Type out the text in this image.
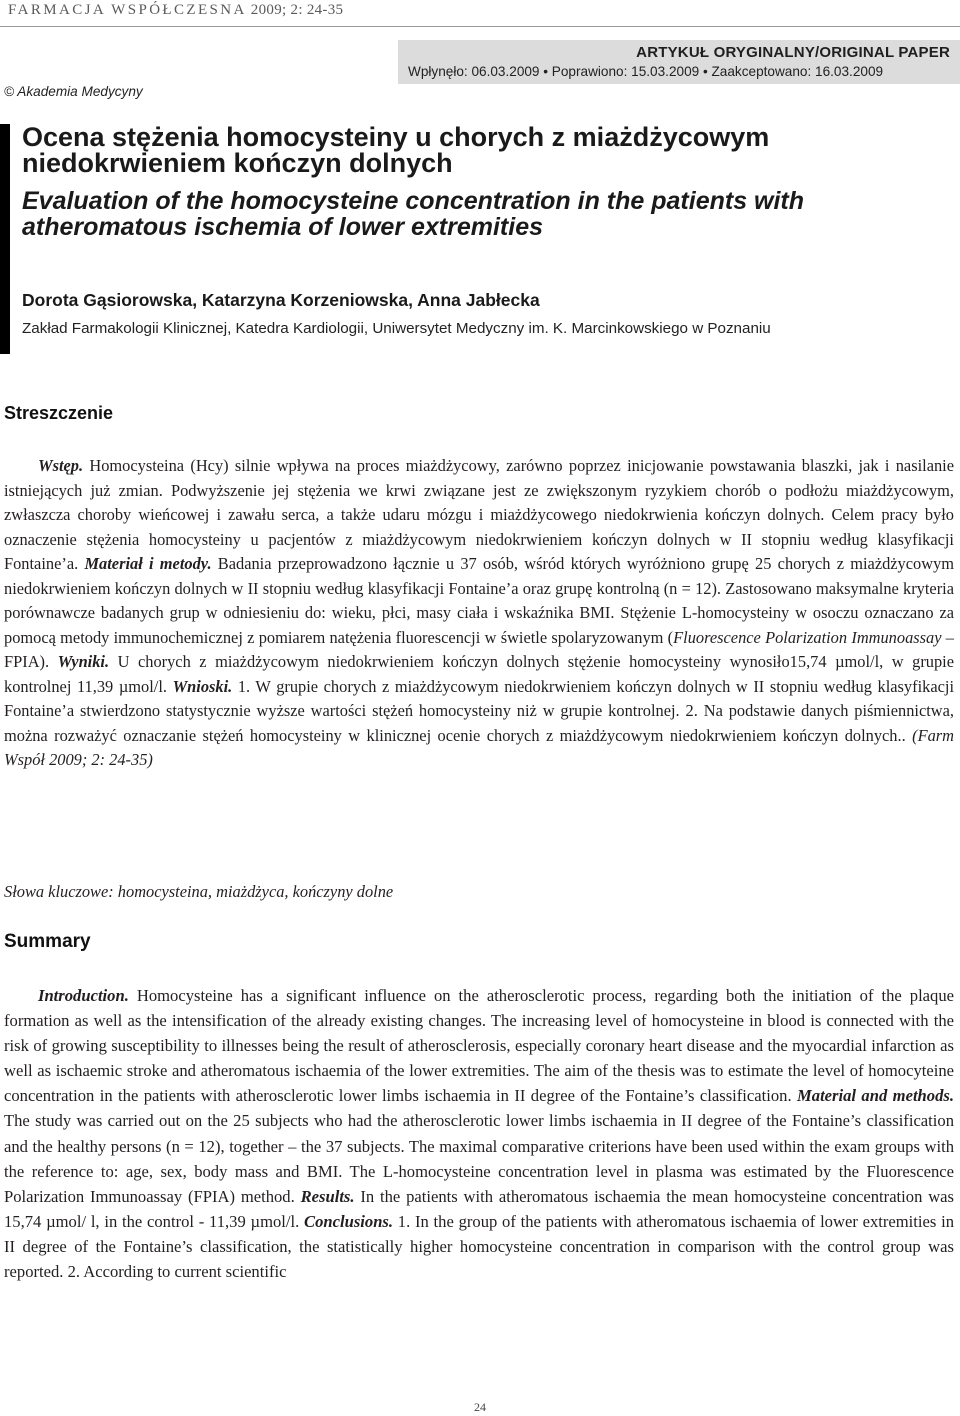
FARMACJA WSPÓŁCZESNA 2009; 2: 24-35
ARTYKUŁ ORYGINALNY/ORIGINAL PAPER
Wpłynęło: 06.03.2009 • Poprawiono: 15.03.2009 • Zaakceptowano: 16.03.2009
© Akademia Medycyny
Ocena stężenia homocysteiny u chorych z miażdżycowym niedokrwieniem kończyn dolnych
Evaluation of the homocysteine concentration in the patients with atheromatous ischemia of lower extremities
Dorota Gąsiorowska, Katarzyna Korzeniowska, Anna Jabłecka
Zakład Farmakologii Klinicznej, Katedra Kardiologii, Uniwersytet Medyczny im. K. Marcinkowskiego w Poznaniu
Streszczenie
Wstęp. Homocysteina (Hcy) silnie wpływa na proces miażdżycowy, zarówno poprzez inicjowanie powstawania blaszki, jak i nasilanie istniejących już zmian. Podwyższenie jej stężenia we krwi związane jest ze zwiększonym ryzykiem chorób o podłożu miażdżycowym, zwłaszcza choroby wieńcowej i zawału serca, a także udaru mózgu i miażdżycowego niedokrwienia kończyn dolnych. Celem pracy było oznaczenie stężenia homocysteiny u pacjentów z miażdżycowym niedokrwieniem kończyn dolnych w II stopniu według klasyfikacji Fontaine’a. Materiał i metody. Badania przeprowadzono łącznie u 37 osób, wśród których wyróżniono grupę 25 chorych z miażdżycowym niedokrwieniem kończyn dolnych w II stopniu według klasyfikacji Fontaine’a oraz grupę kontrolną (n = 12). Zastosowano maksymalne kryteria porównawcze badanych grup w odniesieniu do: wieku, płci, masy ciała i wskaźnika BMI. Stężenie L-homocysteiny w osoczu oznaczano za pomocą metody immunochemicznej z pomiarem natężenia fluorescencji w świetle spolaryzowanym (Fluorescence Polarization Immunoassay – FPIA). Wyniki. U chorych z miażdżycowym niedokrwieniem kończyn dolnych stężenie homocysteiny wynosiło15,74 µmol/l, w grupie kontrolnej 11,39 µmol/l. Wnioski. 1. W grupie chorych z miażdżycowym niedokrwieniem kończyn dolnych w II stopniu według klasyfikacji Fontaine’a stwierdzono statystycznie wyższe wartości stężeń homocysteiny niż w grupie kontrolnej. 2. Na podstawie danych piśmiennictwa, można rozważyć oznaczanie stężeń homocysteiny w klinicznej ocenie chorych z miażdżycowym niedokrwieniem kończyn dolnych.. (Farm Współ 2009; 2: 24-35)
Słowa kluczowe: homocysteina, miażdżyca, kończyny dolne
Summary
Introduction. Homocysteine has a significant influence on the atherosclerotic process, regarding both the initiation of the plaque formation as well as the intensification of the already existing changes. The increasing level of homocysteine in blood is connected with the risk of growing susceptibility to illnesses being the result of atherosclerosis, especially coronary heart disease and the myocardial infarction as well as ischaemic stroke and atheromatous ischaemia of the lower extremities. The aim of the thesis was to estimate the level of homocyteine concentration in the patients with atherosclerotic lower limbs ischaemia in II degree of the Fontaine’s classification. Material and methods. The study was carried out on the 25 subjects who had the atherosclerotic lower limbs ischaemia in II degree of the Fontaine’s classification and the healthy persons (n = 12), together – the 37 subjects. The maximal comparative criterions have been used within the exam groups with the reference to: age, sex, body mass and BMI. The L-homocysteine concentration level in plasma was estimated by the Fluorescence Polarization Immunoassay (FPIA) method. Results. In the patients with atheromatous ischaemia the mean homocysteine concentration was 15,74 µmol/ l, in the control - 11,39 µmol/l. Conclusions. 1. In the group of the patients with atheromatous ischaemia of lower extremities in II degree of the Fontaine’s classification, the statistically higher homocysteine concentration in comparison with the control group was reported. 2. According to current scientific
24
